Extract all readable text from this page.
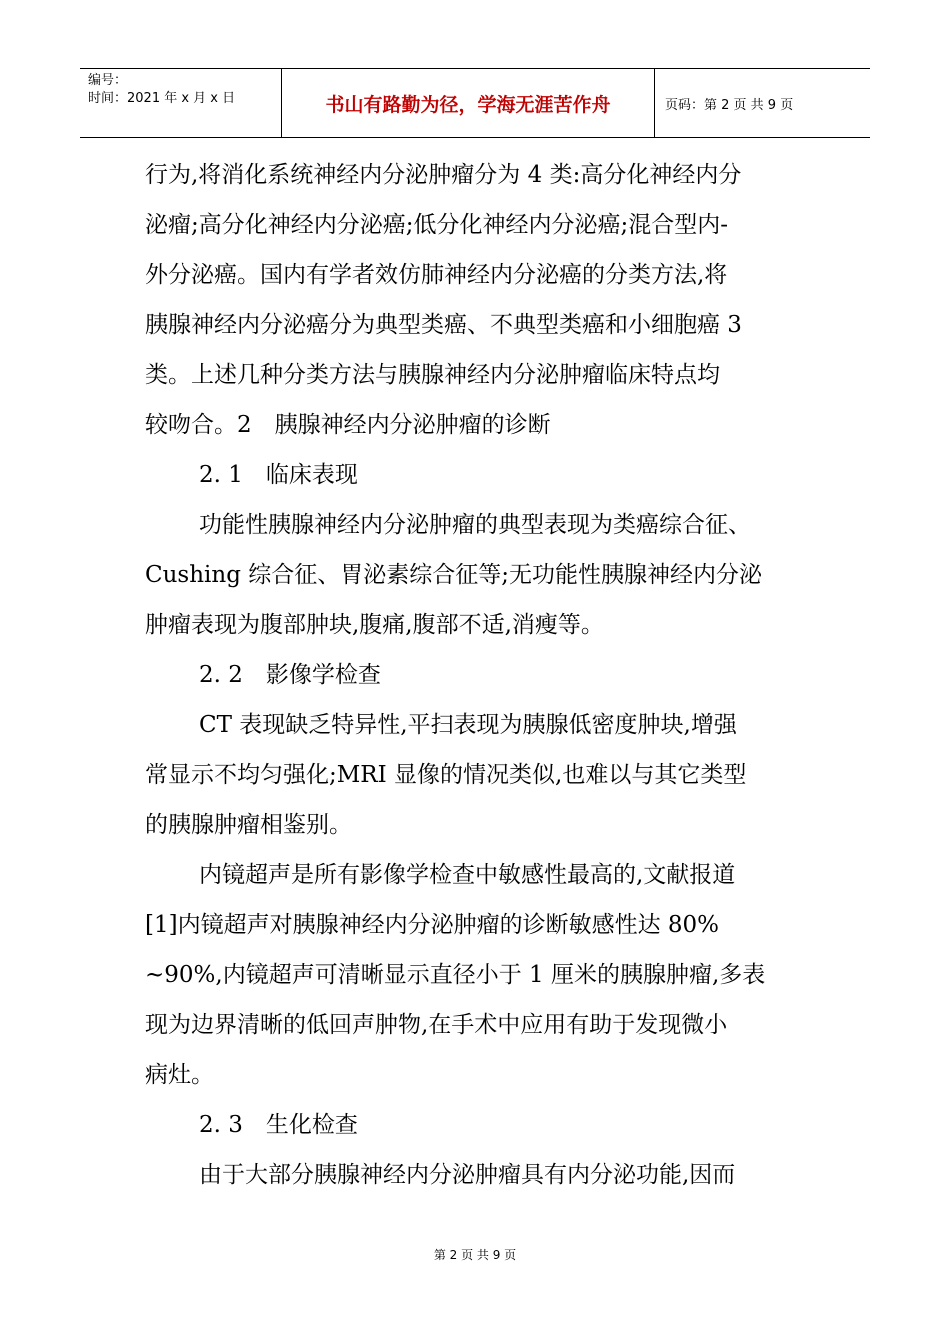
编号：
时间：2021 年 x 月 x 日	书山有路勤为径，学海无涯苦作舟	页码：第 2 页 共 9 页
行为,将消化系统神经内分泌肿瘤分为 4 类:高分化神经内分
泌瘤;高分化神经内分泌癌;低分化神经内分泌癌;混合型内-
外分泌癌。国内有学者效仿肺神经内分泌癌的分类方法,将
胰腺神经内分泌癌分为典型类癌、不典型类癌和小细胞癌 3
类。上述几种分类方法与胰腺神经内分泌肿瘤临床特点均
较吻合。2　胰腺神经内分泌肿瘤的诊断
2. 1　临床表现
功能性胰腺神经内分泌肿瘤的典型表现为类癌综合征、
Cushing 综合征、胃泌素综合征等;无功能性胰腺神经内分泌
肿瘤表现为腹部肿块,腹痛,腹部不适,消瘦等。
2. 2　影像学检查
CT 表现缺乏特异性,平扫表现为胰腺低密度肿块,增强
常显示不均匀强化;MRI 显像的情况类似,也难以与其它类型
的胰腺肿瘤相鉴别。
内镜超声是所有影像学检查中敏感性最高的,文献报道
[1]内镜超声对胰腺神经内分泌肿瘤的诊断敏感性达 80%
~90%,内镜超声可清晰显示直径小于 1 厘米的胰腺肿瘤,多表
现为边界清晰的低回声肿物,在手术中应用有助于发现微小
病灶。
2. 3　生化检查
由于大部分胰腺神经内分泌肿瘤具有内分泌功能,因而
第 2 页 共 9 页
